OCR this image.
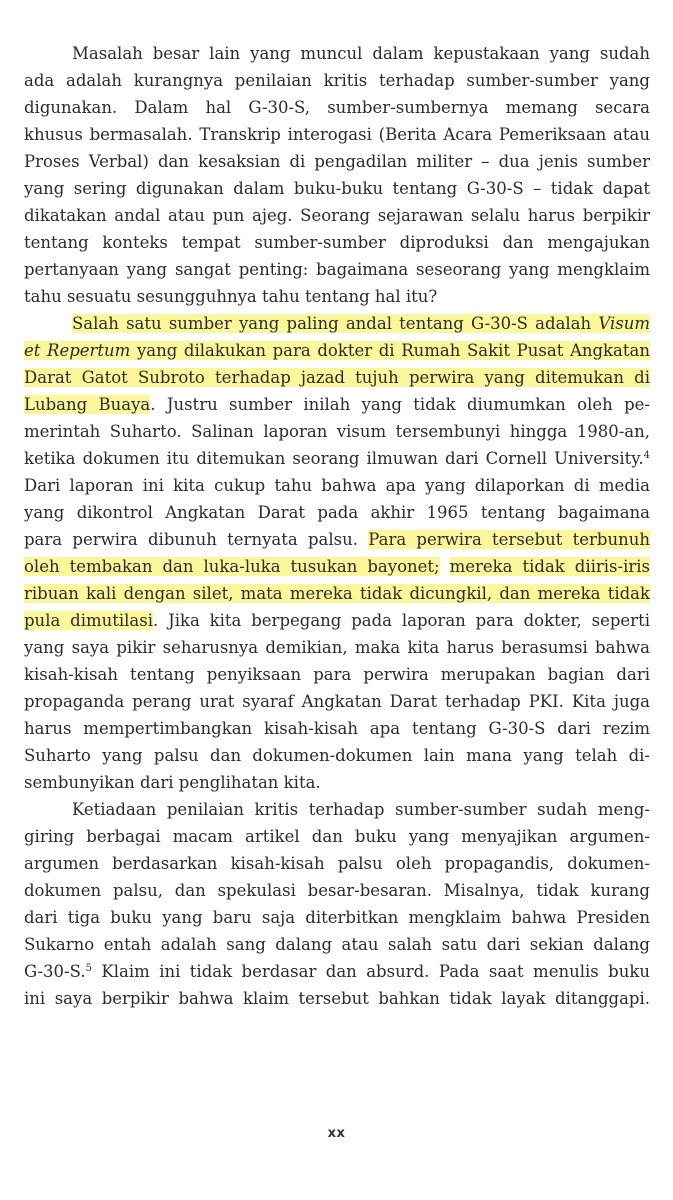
Masalah besar lain yang muncul dalam kepustakaan yang sudah
ada adalah kurangnya penilaian kritis terhadap sumber-sumber yang
digunakan. Dalam hal G-30-S, sumber-sumbernya memang secara
khusus bermasalah. Transkrip interogasi (Berita Acara Pemeriksaan atau
Proses Verbal) dan kesaksian di pengadilan militer – dua jenis sumber
yang sering digunakan dalam buku-buku tentang G-30-S – tidak dapat
dikatakan andal atau pun ajeg. Seorang sejarawan selalu harus berpikir
tentang konteks tempat sumber-sumber diproduksi dan mengajukan
pertanyaan yang sangat penting: bagaimana seseorang yang mengklaim
tahu sesuatu sesungguhnya tahu tentang hal itu?
Salah satu sumber yang paling andal tentang G-30-S adalah Visum
et Repertum yang dilakukan para dokter di Rumah Sakit Pusat Angkatan
Darat Gatot Subroto terhadap jazad tujuh perwira yang ditemukan di
Lubang Buaya. Justru sumber inilah yang tidak diumumkan oleh pe-
merintah Suharto. Salinan laporan visum tersembunyi hingga 1980-an,
ketika dokumen itu ditemukan seorang ilmuwan dari Cornell University.$^4$
Dari laporan ini kita cukup tahu bahwa apa yang dilaporkan di media
yang dikontrol Angkatan Darat pada akhir 1965 tentang bagaimana
para perwira dibunuh ternyata palsu. Para perwira tersebut terbunuh
oleh tembakan dan luka-luka tusukan bayonet; mereka tidak diiris-iris
ribuan kali dengan silet, mata mereka tidak dicungkil, dan mereka tidak
pula dimutilasi. Jika kita berpegang pada laporan para dokter, seperti
yang saya pikir seharusnya demikian, maka kita harus berasumsi bahwa
kisah-kisah tentang penyiksaan para perwira merupakan bagian dari
propaganda perang urat syaraf Angkatan Darat terhadap PKI. Kita juga
harus mempertimbangkan kisah-kisah apa tentang G-30-S dari rezim
Suharto yang palsu dan dokumen-dokumen lain mana yang telah di-
sembunyikan dari penglihatan kita.
Ketiadaan penilaian kritis terhadap sumber-sumber sudah meng-
giring berbagai macam artikel dan buku yang menyajikan argumen-
argumen berdasarkan kisah-kisah palsu oleh propagandis, dokumen-
dokumen palsu, dan spekulasi besar-besaran. Misalnya, tidak kurang
dari tiga buku yang baru saja diterbitkan mengklaim bahwa Presiden
Sukarno entah adalah sang dalang atau salah satu dari sekian dalang
G-30-S.$^5$ Klaim ini tidak berdasar dan absurd. Pada saat menulis buku
ini saya berpikir bahwa klaim tersebut bahkan tidak layak ditanggapi.
xx
